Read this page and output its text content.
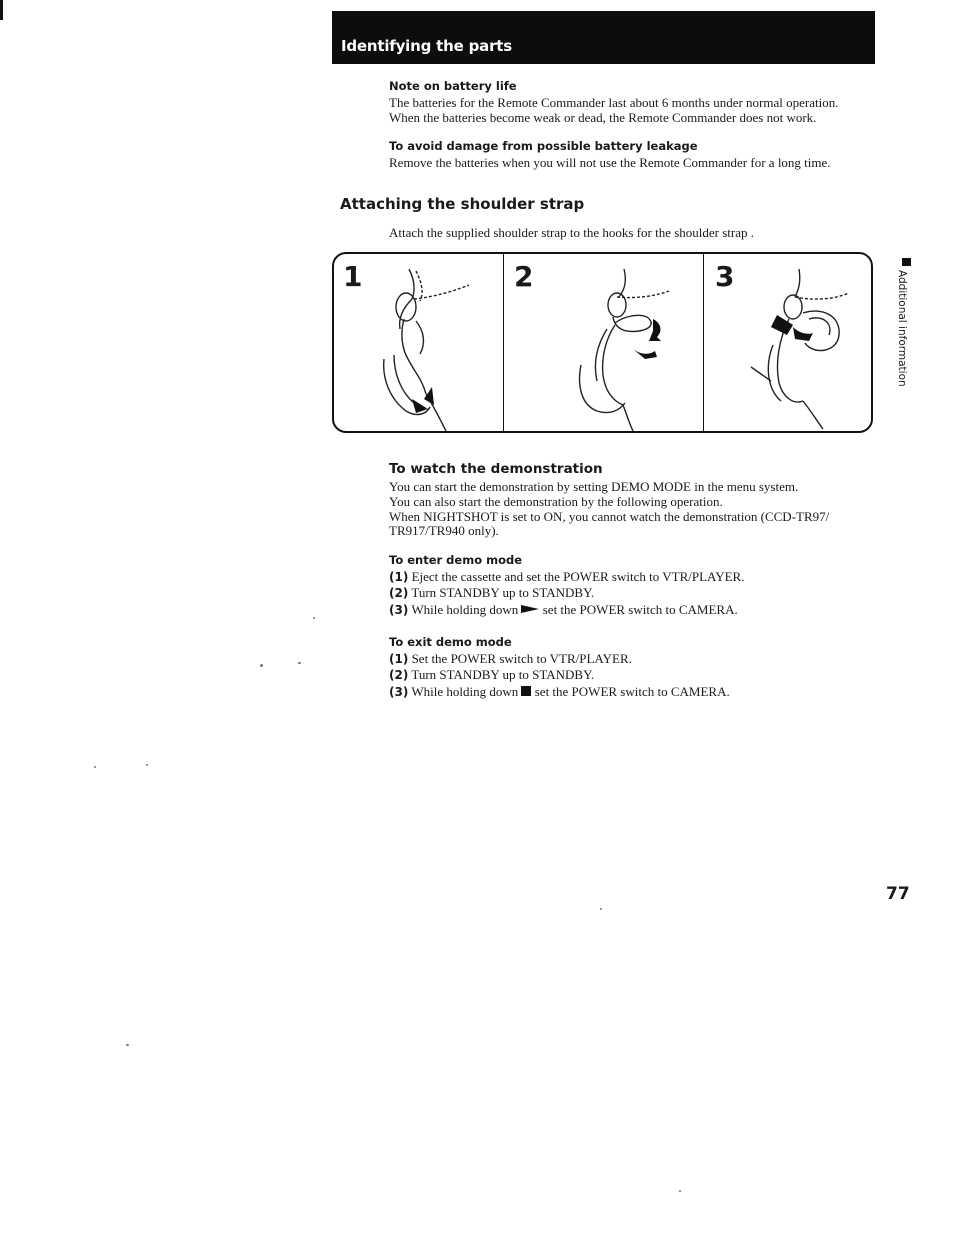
Identifying the parts
Note on battery life
The batteries for the Remote Commander last about 6 months under normal operation.
When the batteries become weak or dead, the Remote Commander does not work.
To avoid damage from possible battery leakage
Remove the batteries when you will not use the Remote Commander for a long time.
Attaching the shoulder strap
Attach the supplied shoulder strap to the hooks for the shoulder strap .
1	2	3
To watch the demonstration
You can start the demonstration by setting DEMO MODE in the menu system.
You can also start the demonstration by the following operation.
When NIGHTSHOT is set to ON, you cannot watch the demonstration (CCD-TR97/
TR917/TR940 only).
To enter demo mode
(1) Eject the cassette and set the POWER switch to VTR/PLAYER.
(2) Turn STANDBY up to STANDBY.
(3) While holding down set the POWER switch to CAMERA.
To exit demo mode
(1) Set the POWER switch to VTR/PLAYER.
(2) Turn STANDBY up to STANDBY.
(3) While holding down set the POWER switch to CAMERA.
Additional information
77
